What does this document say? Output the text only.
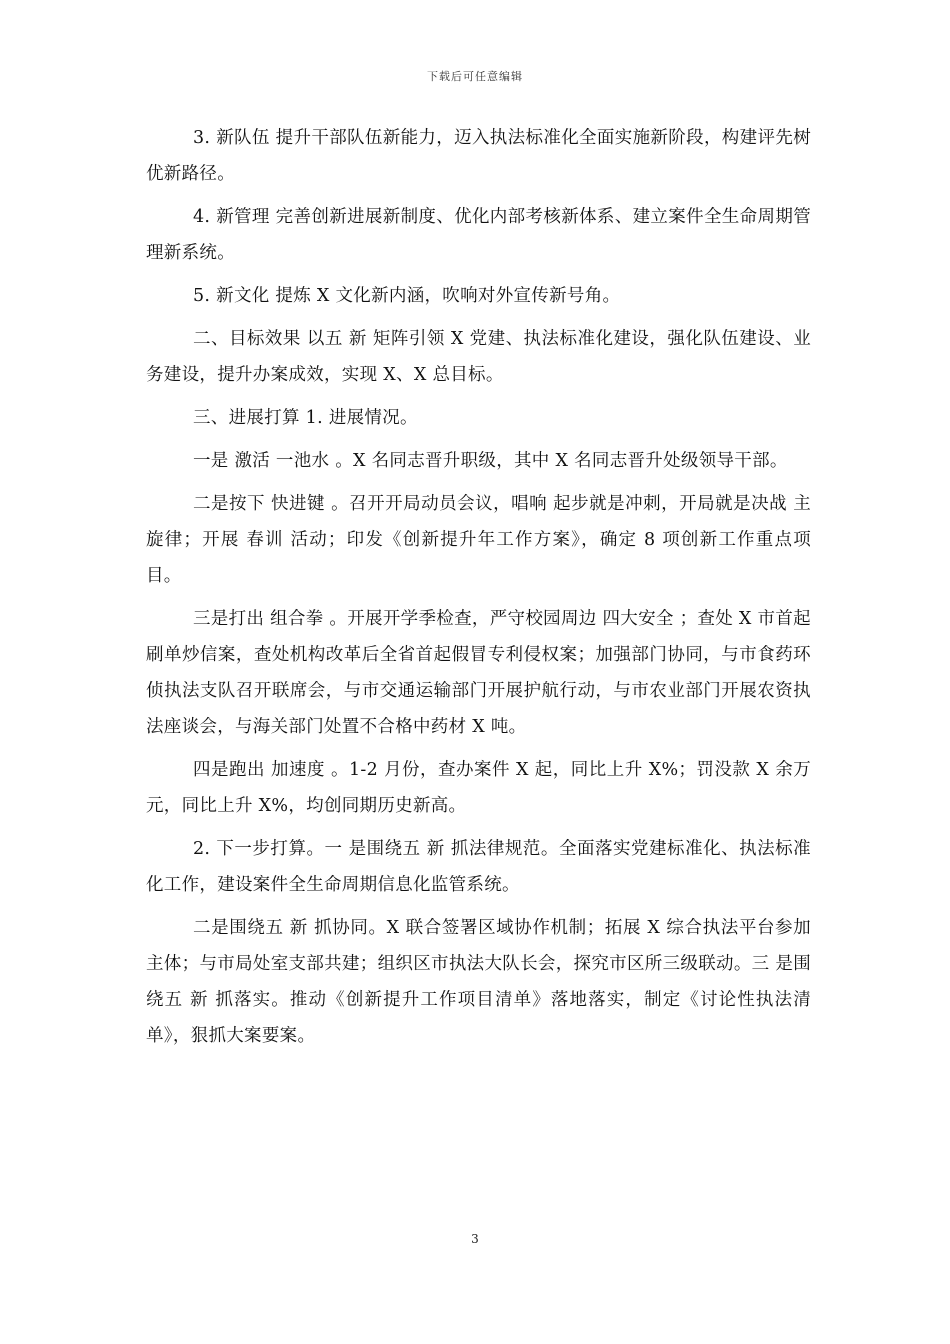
下载后可任意编辑

3. 新队伍 提升干部队伍新能力，迈入执法标准化全面实施新阶段，构建评先树优新路径。

4. 新管理 完善创新进展新制度、优化内部考核新体系、建立案件全生命周期管理新系统。

5. 新文化 提炼 X 文化新内涵，吹响对外宣传新号角。

二、目标效果 以五 新 矩阵引领 X 党建、执法标准化建设，强化队伍建设、业务建设，提升办案成效，实现 X、X 总目标。

三、进展打算 1. 进展情况。

一是 激活 一池水 。X 名同志晋升职级，其中 X 名同志晋升处级领导干部。

二是按下 快进键 。召开开局动员会议，唱响 起步就是冲刺，开局就是决战 主旋律；开展 春训 活动；印发《创新提升年工作方案》，确定 8 项创新工作重点项目。

三是打出 组合拳 。开展开学季检查，严守校园周边 四大安全 ；查处 X 市首起刷单炒信案，查处机构改革后全省首起假冒专利侵权案；加强部门协同，与市食药环侦执法支队召开联席会，与市交通运输部门开展护航行动，与市农业部门开展农资执法座谈会，与海关部门处置不合格中药材 X 吨。

四是跑出 加速度 。1-2 月份，查办案件 X 起，同比上升 X%；罚没款 X 余万元，同比上升 X%，均创同期历史新高。

2. 下一步打算。一 是围绕五 新 抓法律规范。全面落实党建标准化、执法标准化工作，建设案件全生命周期信息化监管系统。

二是围绕五 新 抓协同。X 联合签署区域协作机制；拓展 X 综合执法平台参加主体；与市局处室支部共建；组织区市执法大队长会，探究市区所三级联动。三 是围绕五 新 抓落实。推动《创新提升工作项目清单》落地落实，制定《讨论性执法清单》，狠抓大案要案。

3
